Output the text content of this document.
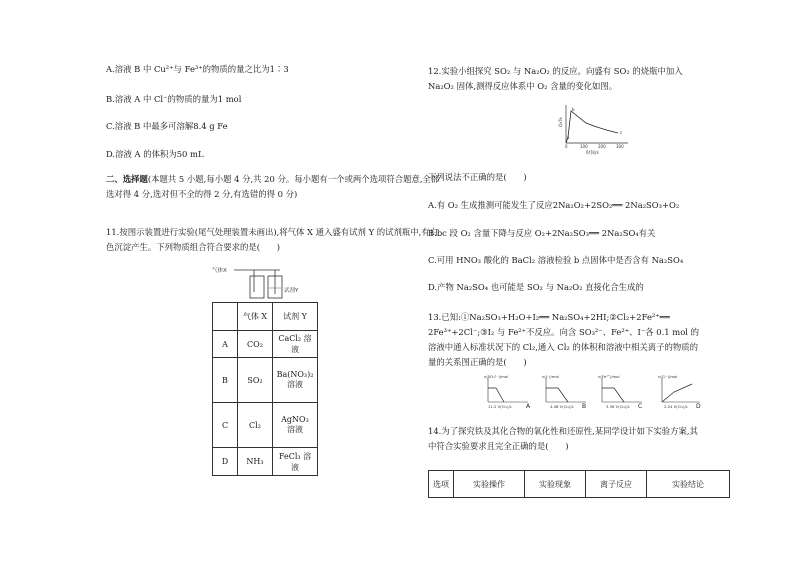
A.溶液 B 中 Cu²⁺与 Fe³⁺的物质的量之比为1∶3
B.溶液 A 中 Cl⁻的物质的量为1 mol
C.溶液 B 中最多可溶解8.4 g Fe
D.溶液 A 的体积为50 mL
二、选择题(本题共 5 小题,每小题 4 分,共 20 分。每小题有一个或两个选项符合题意,全部选对得 4 分,选对但不全的得 2 分,有选错的得 0 分)
11.按图示装置进行实验(尾气处理装置未画出),将气体 X 通入盛有试剂 Y 的试剂瓶中,有白色沉淀产生。下列物质组合符合要求的是(　　)
气体X
试剂Y
	气体 X	试剂 Y
A	CO₂	CaCl₂ 溶液
B	SO₂	Ba(NO₃)₂ 溶液
C	Cl₂	AgNO₃ 溶液
D	NH₃	FeCl₃ 溶液
12.实验小组探究 SO₂ 与 Na₂O₂ 的反应。向盛有 SO₂ 的烧瓶中加入 Na₂O₂ 固体,测得反应体系中 O₂ 含量的变化如图。
O₂%
a
b
c
0	100	200	300
时间/s
下列说法不正确的是(　　)
A.有 O₂ 生成推测可能发生了反应2Na₂O₂+2SO₂══ 2Na₂SO₃+O₂
B.bc 段 O₂ 含量下降与反应 O₂+2Na₂SO₃══ 2Na₂SO₄有关
C.可用 HNO₃ 酸化的 BaCl₂ 溶液检验 b 点固体中是否含有 Na₂SO₄
D.产物 Na₂SO₄ 也可能是 SO₂ 与 Na₂O₂ 直接化合生成的
13.已知:①Na₂SO₃+H₂O+I₂══ Na₂SO₄+2HI;②Cl₂+2Fe²⁺══ 2Fe³⁺+2Cl⁻;③I₂ 与 Fe²⁺不反应。向含 SO₃²⁻、Fe²⁺、I⁻各 0.1 mol 的溶液中通入标准状况下的 Cl₂,通入 Cl₂ 的体积和溶液中相关离子的物质的量的关系图正确的是(　　)
n(SO₃²⁻)/mol
11.2 V(Cl₂)/L A
n(I⁻)/mol
4.48 V(Cl₂)/L B
n(Fe²⁺)/mol
3.36 V(Cl₂)/L C
n(Cl⁻)/mol
2.24 V(Cl₂)/L D
14.为了探究铁及其化合物的氧化性和还原性,某同学设计如下实验方案,其中符合实验要求且完全正确的是(　　)
选项	实验操作	实验现象	离子反应	实验结论
